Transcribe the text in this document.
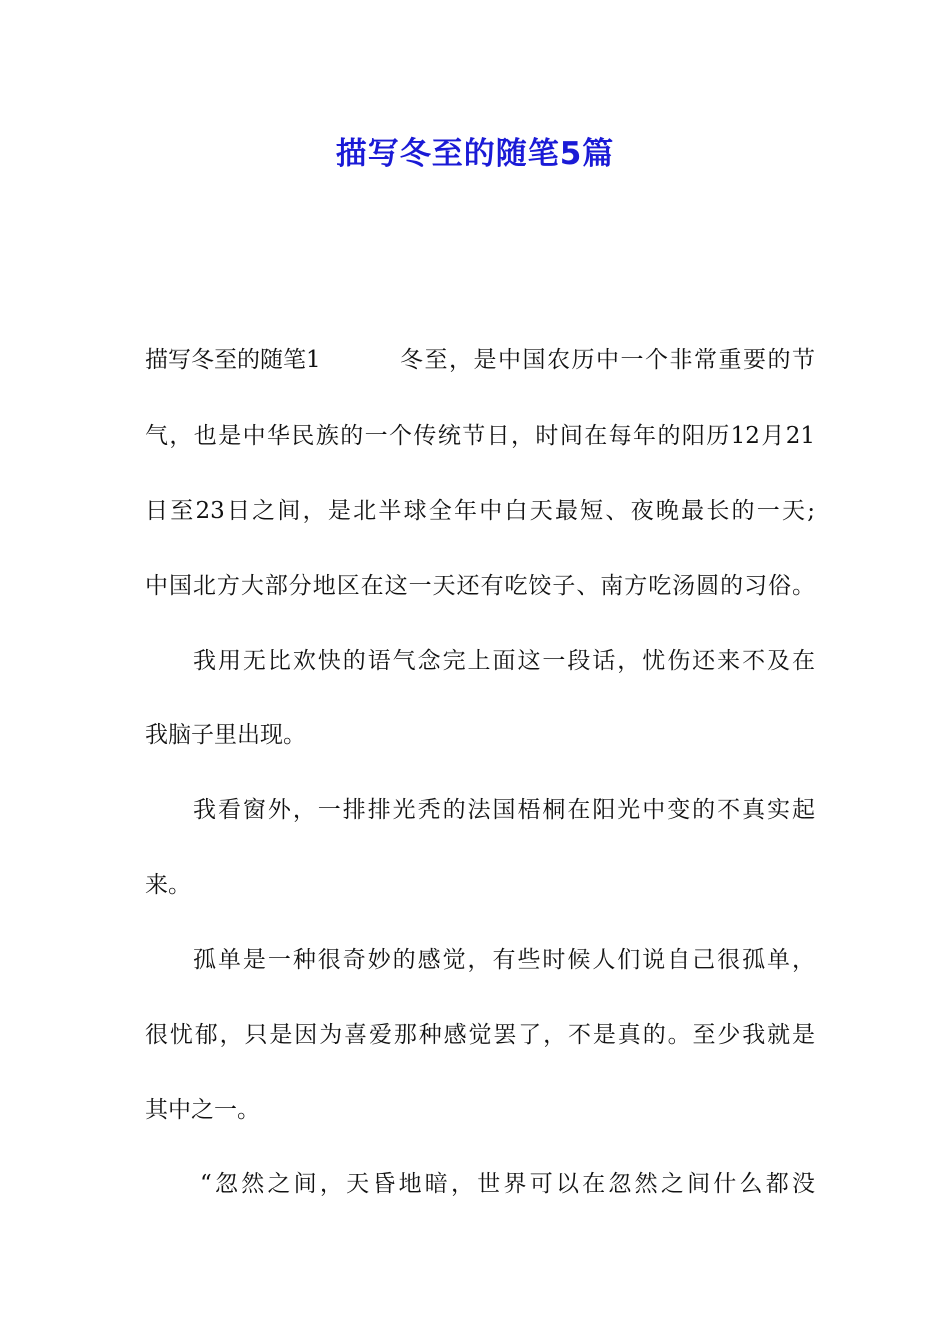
描写冬至的随笔5篇
描写冬至的随笔1	冬至，是中国农历中一个非常重要的节
气，也是中华民族的一个传统节日，时间在每年的阳历12月21
日至23日之间，是北半球全年中白天最短、夜晚最长的一天;
中国北方大部分地区在这一天还有吃饺子、南方吃汤圆的习俗。
我用无比欢快的语气念完上面这一段话，忧伤还来不及在
我脑子里出现。
我看窗外，一排排光秃的法国梧桐在阳光中变的不真实起
来。
孤单是一种很奇妙的感觉，有些时候人们说自己很孤单，
很忧郁，只是因为喜爱那种感觉罢了，不是真的。至少我就是
其中之一。
“忽然之间，天昏地暗，世界可以在忽然之间什么都没
